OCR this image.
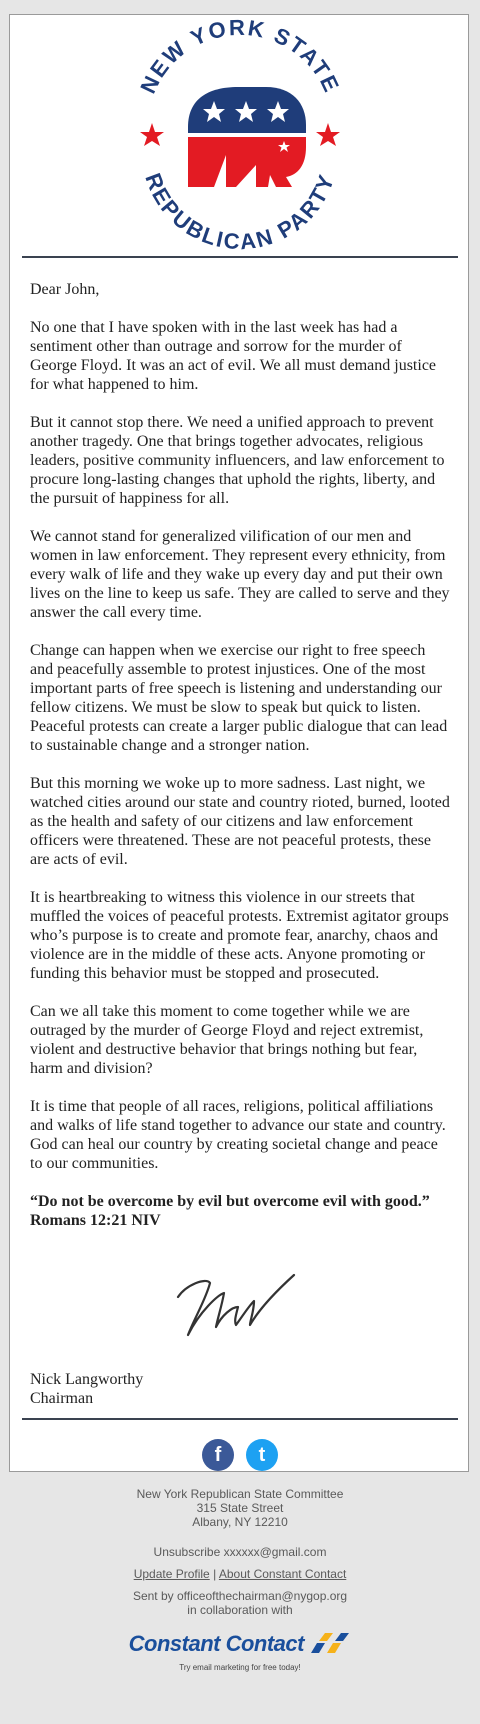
NEW YORK STATE
REPUBLICAN PARTY

Dear John,

No one that I have spoken with in the last week has had a sentiment other than outrage and sorrow for the murder of George Floyd. It was an act of evil. We all must demand justice for what happened to him.

But it cannot stop there. We need a unified approach to prevent another tragedy. One that brings together advocates, religious leaders, positive community influencers, and law enforcement to procure long-lasting changes that uphold the rights, liberty, and the pursuit of happiness for all.

We cannot stand for generalized vilification of our men and women in law enforcement. They represent every ethnicity, from every walk of life and they wake up every day and put their own lives on the line to keep us safe. They are called to serve and they answer the call every time.

Change can happen when we exercise our right to free speech and peacefully assemble to protest injustices. One of the most important parts of free speech is listening and understanding our fellow citizens. We must be slow to speak but quick to listen. Peaceful protests can create a larger public dialogue that can lead to sustainable change and a stronger nation.

But this morning we woke up to more sadness. Last night, we watched cities around our state and country rioted, burned, looted as the health and safety of our citizens and law enforcement officers were threatened. These are not peaceful protests, these are acts of evil.

It is heartbreaking to witness this violence in our streets that muffled the voices of peaceful protests. Extremist agitator groups who’s purpose is to create and promote fear, anarchy, chaos and violence are in the middle of these acts. Anyone promoting or funding this behavior must be stopped and prosecuted.

Can we all take this moment to come together while we are outraged by the murder of George Floyd and reject extremist, violent and destructive behavior that brings nothing but fear, harm and division?

It is time that people of all races, religions, political affiliations and walks of life stand together to advance our state and country. God can heal our country by creating societal change and peace to our communities.

“Do not be overcome by evil but overcome evil with good.”
Romans 12:21 NIV
Nick Langworthy
Chairman
f
	t
New York Republican State Committee
315 State Street
Albany, NY 12210
Unsubscribe xxxxxx@gmail.com
Update Profile | About Constant Contact
Sent by officeofthechairman@nygop.org
in collaboration with
Constant Contact
Try email marketing for free today!
